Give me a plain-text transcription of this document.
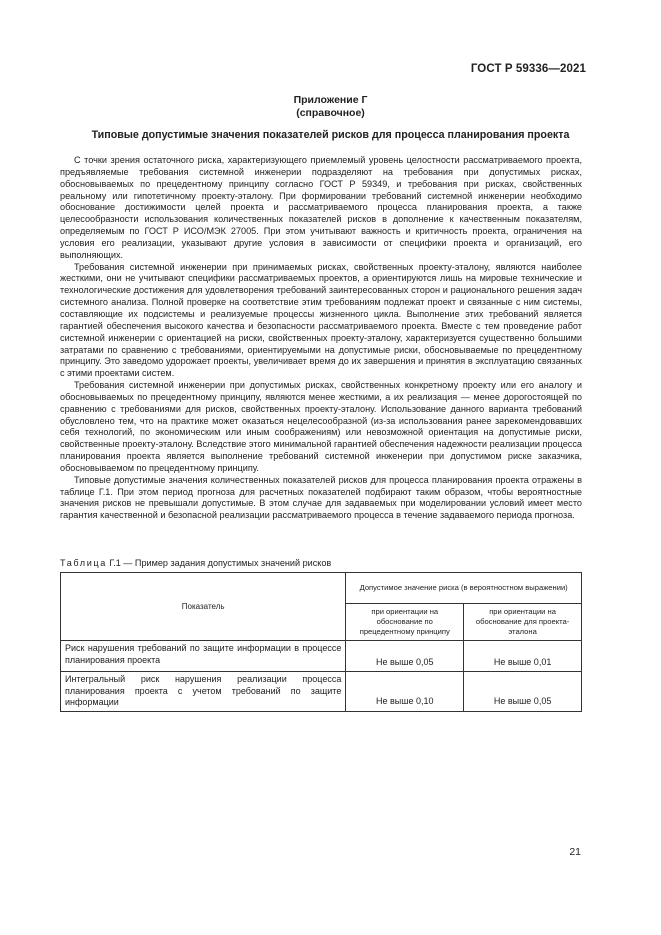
ГОСТ Р 59336—2021
Приложение Г
(справочное)
Типовые допустимые значения показателей рисков для процесса планирования проекта

С точки зрения остаточного риска, характеризующего приемлемый уровень целостности рассматриваемого проекта, предъявляемые требования системной инженерии подразделяют на требования при допустимых рисках, обосновываемых по прецедентному принципу согласно ГОСТ Р 59349, и требования при рисках, свойственных реальному или гипотетичному проекту-эталону. При формировании требований системной инженерии необходимо обоснование достижимости целей проекта и рассматриваемого процесса планирования проекта, а также целесообразности использования количественных показателей рисков в дополнение к качественным показателям, определяемым по ГОСТ Р ИСО/МЭК 27005. При этом учитывают важность и критичность проекта, ограничения на условия его реализации, указывают другие условия в зависимости от специфики проекта и организаций, его выполняющих.

Требования системной инженерии при принимаемых рисках, свойственных проекту-эталону, являются наиболее жесткими, они не учитывают специфики рассматриваемых проектов, а ориентируются лишь на мировые технические и технологические достижения для удовлетворения требований заинтересованных сторон и рационального решения задач системного анализа. Полной проверке на соответствие этим требованиям подлежат проект и связанные с ним системы, составляющие их подсистемы и реализуемые процессы жизненного цикла. Выполнение этих требований является гарантией обеспечения высокого качества и безопасности рассматриваемого проекта. Вместе с тем проведение работ системной инженерии с ориентацией на риски, свойственных проекту-эталону, характеризуется существенно большими затратами по сравнению с требованиями, ориентируемыми на допустимые риски, обосновываемые по прецедентному принципу. Это заведомо удорожает проекты, увеличивает время до их завершения и принятия в эксплуатацию связанных с этими проектами систем.

Требования системной инженерии при допустимых рисках, свойственных конкретному проекту или его аналогу и обосновываемых по прецедентному принципу, являются менее жесткими, а их реализация — менее дорогостоящей по сравнению с требованиями для рисков, свойственных проекту-эталону. Использование данного варианта требований обусловлено тем, что на практике может оказаться нецелесообразной (из-за использования ранее зарекомендовавших себя технологий, по экономическим или иным соображениям) или невозможной ориентация на допустимые риски, свойственные проекту-эталону. Вследствие этого минимальной гарантией обеспечения надежности реализации процесса планирования проекта является выполнение требований системной инженерии при допустимом риске заказчика, обосновываемом по прецедентному принципу.

Типовые допустимые значения количественных показателей рисков для процесса планирования проекта отражены в таблице Г.1. При этом период прогноза для расчетных показателей подбирают таким образом, чтобы вероятностные значения рисков не превышали допустимые. В этом случае для задаваемых при моделировании условий имеет место гарантия качественной и безопасной реализации рассматриваемого процесса в течение задаваемого периода прогноза.

Таблица Г.1 — Пример задания допустимых значений рисков
Показатель	Допустимое значение риска (в вероятностном выражении)	
	при ориентации на обоснование по прецедентному принципу	при ориентации на обоснование для проекта-эталона
Риск нарушения требований по защите информации в процессе планирования проекта	Не выше 0,05	Не выше 0,01
Интегральный риск нарушения реализации процесса планирования проекта с учетом требований по защите информации	Не выше 0,10	Не выше 0,05
21
